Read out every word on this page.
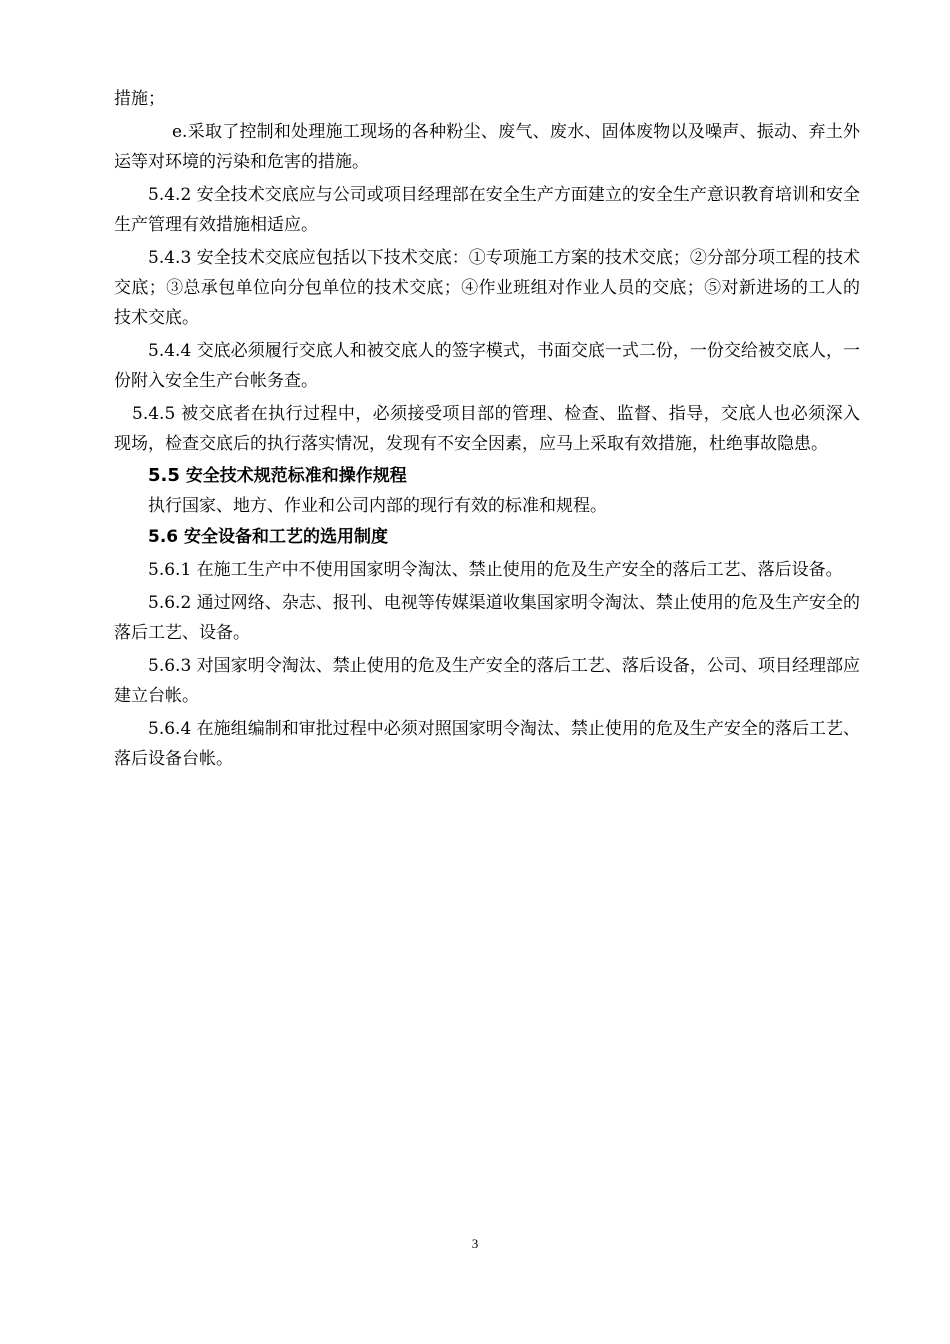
措施；

e.采取了控制和处理施工现场的各种粉尘、废气、废水、固体废物以及噪声、振动、弃土外运等对环境的污染和危害的措施。

5.4.2 安全技术交底应与公司或项目经理部在安全生产方面建立的安全生产意识教育培训和安全生产管理有效措施相适应。

5.4.3 安全技术交底应包括以下技术交底：①专项施工方案的技术交底；②分部分项工程的技术交底；③总承包单位向分包单位的技术交底；④作业班组对作业人员的交底；⑤对新进场的工人的技术交底。

5.4.4 交底必须履行交底人和被交底人的签字模式，书面交底一式二份，一份交给被交底人，一份附入安全生产台帐务查。

5.4.5 被交底者在执行过程中，必须接受项目部的管理、检查、监督、指导，交底人也必须深入现场，检查交底后的执行落实情况，发现有不安全因素，应马上采取有效措施，杜绝事故隐患。

5.5 安全技术规范标准和操作规程

执行国家、地方、作业和公司内部的现行有效的标准和规程。

5.6 安全设备和工艺的选用制度

5.6.1 在施工生产中不使用国家明令淘汰、禁止使用的危及生产安全的落后工艺、落后设备。

5.6.2 通过网络、杂志、报刊、电视等传媒渠道收集国家明令淘汰、禁止使用的危及生产安全的落后工艺、设备。

5.6.3 对国家明令淘汰、禁止使用的危及生产安全的落后工艺、落后设备，公司、项目经理部应建立台帐。

5.6.4 在施组编制和审批过程中必须对照国家明令淘汰、禁止使用的危及生产安全的落后工艺、落后设备台帐。

3
